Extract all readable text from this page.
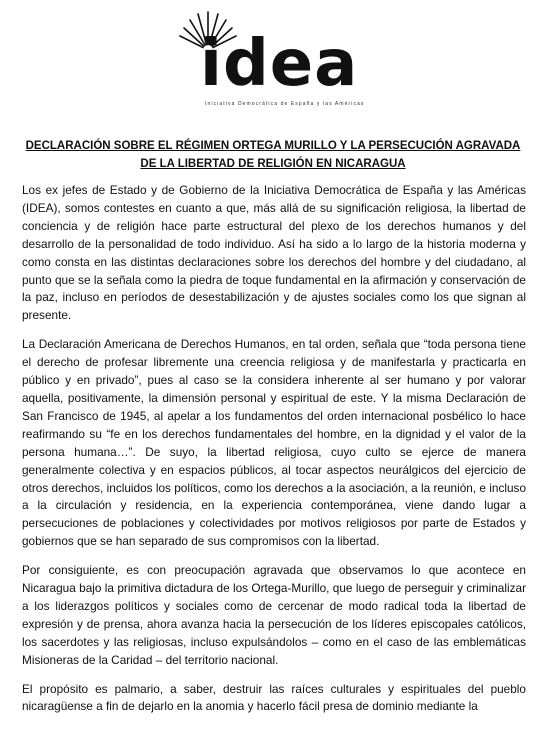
idea
Iniciativa Democrática de España y las Américas
DECLARACIÓN SOBRE EL RÉGIMEN ORTEGA MURILLO Y LA PERSECUCIÓN AGRAVADA DE LA LIBERTAD DE RELIGIÓN EN NICARAGUA

Los ex jefes de Estado y de Gobierno de la Iniciativa Democrática de España y las Américas (IDEA), somos contestes en cuanto a que, más allá de su significación religiosa, la libertad de conciencia y de religión hace parte estructural del plexo de los derechos humanos y del desarrollo de la personalidad de todo individuo. Así ha sido a lo largo de la historia moderna y como consta en las distintas declaraciones sobre los derechos del hombre y del ciudadano, al punto que se la señala como la piedra de toque fundamental en la afirmación y conservación de la paz, incluso en períodos de desestabilización y de ajustes sociales como los que signan al presente.

La Declaración Americana de Derechos Humanos, en tal orden, señala que “toda persona tiene el derecho de profesar libremente una creencia religiosa y de manifestarla y practicarla en público y en privado”, pues al caso se la considera inherente al ser humano y por valorar aquella, positivamente, la dimensión personal y espiritual de este. Y la misma Declaración de San Francisco de 1945, al apelar a los fundamentos del orden internacional posbélico lo hace reafirmando su “fe en los derechos fundamentales del hombre, en la dignidad y el valor de la persona humana…”. De suyo, la libertad religiosa, cuyo culto se ejerce de manera generalmente colectiva y en espacios públicos, al tocar aspectos neurálgicos del ejercicio de otros derechos, incluidos los políticos, como los derechos a la asociación, a la reunión, e incluso a la circulación y residencia, en la experiencia contemporánea, viene dando lugar a persecuciones de poblaciones y colectividades por motivos religiosos por parte de Estados y gobiernos que se han separado de sus compromisos con la libertad.

Por consiguiente, es con preocupación agravada que observamos lo que acontece en Nicaragua bajo la primitiva dictadura de los Ortega-Murillo, que luego de perseguir y criminalizar a los liderazgos políticos y sociales como de cercenar de modo radical toda la libertad de expresión y de prensa, ahora avanza hacia la persecución de los líderes episcopales católicos, los sacerdotes y las religiosas, incluso expulsándolos – como en el caso de las emblemáticas Misioneras de la Caridad – del territorio nacional.

El propósito es palmario, a saber, destruir las raíces culturales y espirituales del pueblo nicaragüense a fin de dejarlo en la anomia y hacerlo fácil presa de dominio mediante la
